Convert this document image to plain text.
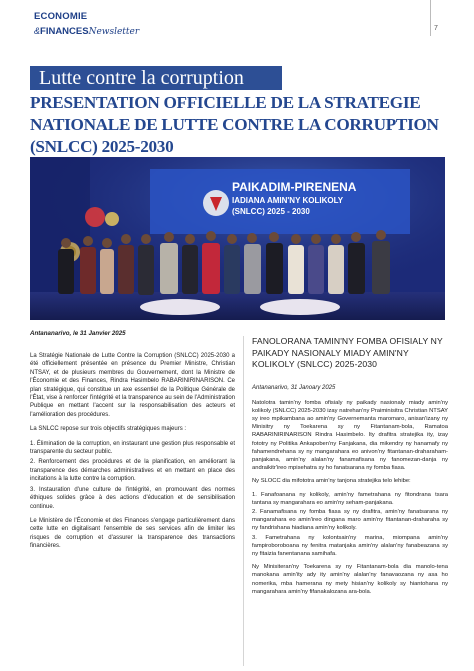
ECONOMIE
&FINANCESNewsletter	7
Lutte contre la corruption
PRESENTATION OFFICIELLE DE LA STRATEGIE NATIONALE DE LUTTE CONTRE LA CORRUPTION (SNLCC) 2025-2030
PAIKADIM-PIRENENA
IADIANA AMIN'NY KOLIKOLY
(SNLCC) 2025 - 2030
Antananarivo, le 31 Janvier 2025

La Stratégie Nationale de Lutte Contre la Corruption (SNLCC) 2025-2030 a été officiellement présentée en présence du Premier Ministre, Christian NTSAY, et de plusieurs membres du Gouvernement, dont la Ministre de l'Économie et des Finances, Rindra Hasimbelo RABARINIRINARISON. Ce plan stratégique, qui constitue un axe essentiel de la Politique Générale de l'État, vise à renforcer l'intégrité et la transparence au sein de l'Administration Publique en mettant l'accent sur la responsabilisation des acteurs et l'amélioration des procédures.

La SNLCC repose sur trois objectifs stratégiques majeurs :

1. Élimination de la corruption, en instaurant une gestion plus responsable et transparente du secteur public.
2. Renforcement des procédures et de la planification, en améliorant la transparence des démarches administratives et en mettant en place des incitations à la lutte contre la corruption.
3. Instauration d'une culture de l'intégrité, en promouvant des normes éthiques solides grâce à des actions d'éducation et de sensibilisation continue.

Le Ministère de l'Économie et des Finances s'engage particulièrement dans cette lutte en digitalisant l'ensemble de ses services afin de limiter les risques de corruption et d'assurer la transparence des transactions financières.

FANOLORANA TAMIN'NY FOMBA OFISIALY NY PAIKADY NASIONALY MIADY AMIN'NY KOLIKOLY (SNLCC) 2025-2030
Antananarivo, 31 Janoary 2025

Natolotra tamin'ny fomba ofisialy ny paikady nasionaly miady amin'ny kolikoly (SNLCC) 2025-2030 izay natrehan'ny Praiminisitra Christian NTSAY sy ireo mpikambana ao amin'ny Governemanta maromaro, anisan'izany ny Minisitry ny Toekarena sy ny Fitantanam-bola, Ramatoa RABARINIRINARISON Rindra Hasimbelo. Ity drafitra stratejika ity, izay fototry ny Politika Ankapoben'ny Fanjakana, dia mikendry ny hanamafy ny fahamendrehana sy ny mangarahara eo anivon'ny fitantanan-draharaham-panjakana, amin'ny alalan'ny fanamafisana ny fanomezan-danja ny andraikitr'ireo mpisehatra sy ho fanatsarana ny fomba fiasa.

Ny SLOCC dia mifototra amin'ny tanjona stratejika telo lehibe:

1. Fanafoanana ny kolikoly, amin'ny fametrahana ny fitondrana tsara tantana sy mangarahara eo amin'ny seham-panjakana.
2. Fanamafisana ny fomba fiasa sy ny drafitra, amin'ny fanatsarana ny mangarahara eo amin'ireo dingana maro amin'ny fitantanan-draharaha sy ny fandrishana hiadiana amin'ny kolikoly.
3. Fametrahana ny kolontsain'ny marina, miompana amin'ny fampiroboroboana ny fenitra matanjaka amin'ny alalan'ny fanabeazana sy ny fitaizia fanentanana samihafa.

Ny Minisiteran'ny Toekarena sy ny Fitantanam-bola dia manolo-tena manokana amin'ity ady ity amin'ny alalan'ny fanavaozana ny asa ho nomerika, mba hamerana ny mety hisian'ny kolikoly sy hiantohana ny mangarahara amin'ny fifanakalozana ara-bola.
